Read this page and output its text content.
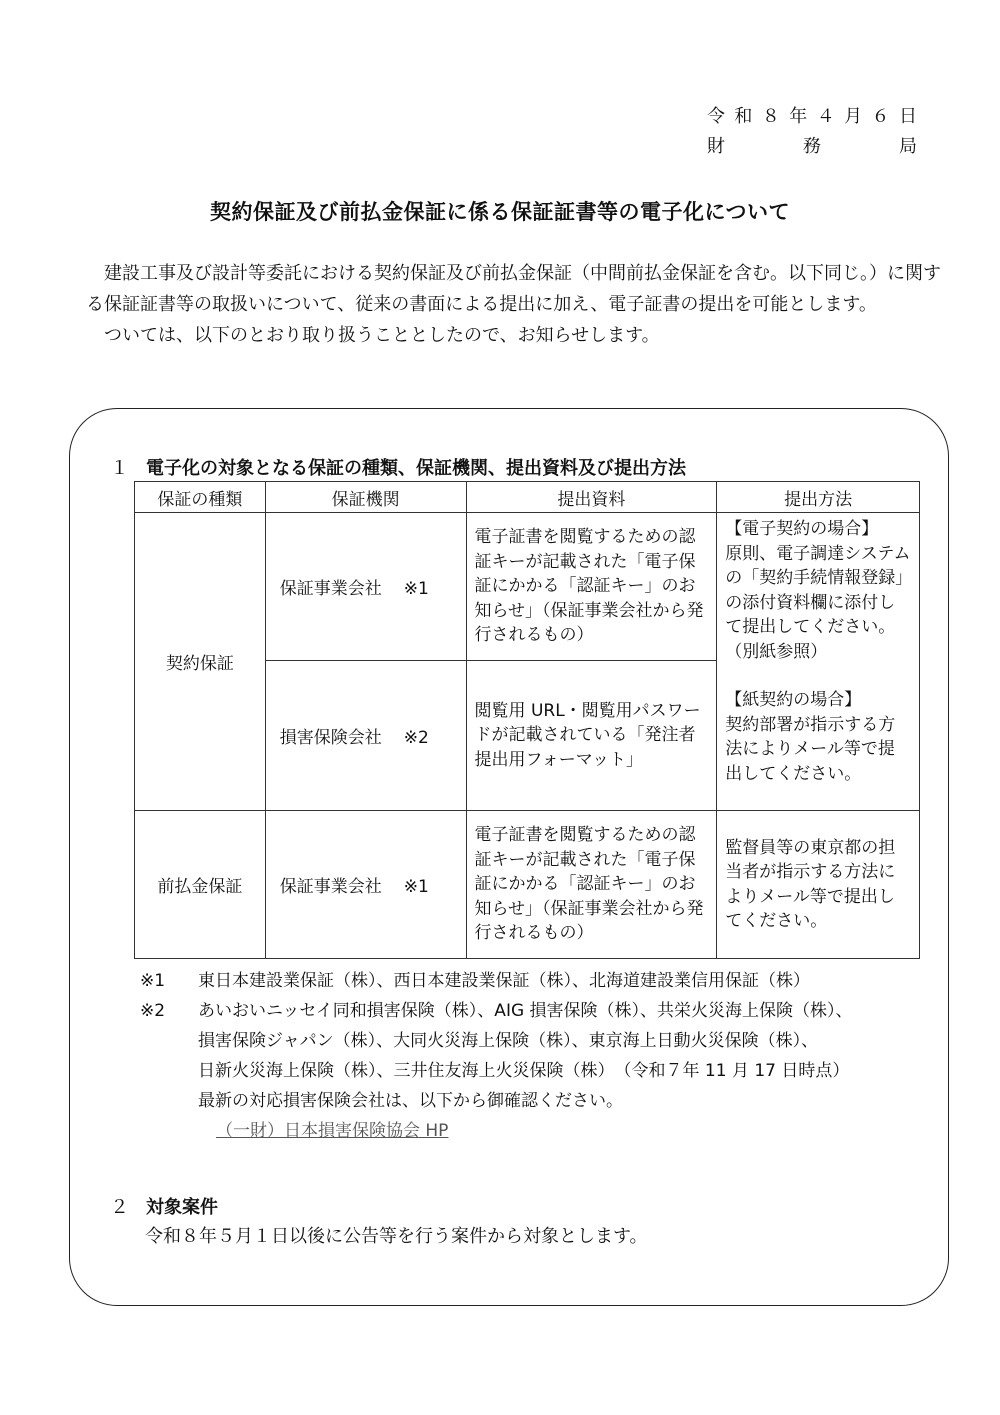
令 和 ８ 年 ４ 月 ６ 日
財	務	局
契約保証及び前払金保証に係る保証証書等の電子化について

建設工事及び設計等委託における契約保証及び前払金保証（中間前払金保証を含む。以下同じ。）に関する保証証書等の取扱いについて、従来の書面による提出に加え、電子証書の提出を可能とします。

ついては、以下のとおり取り扱うこととしたので、お知らせします。

１ 電子化の対象となる保証の種類、保証機関、提出資料及び提出方法
保証の種類	保証機関	提出資料	提出方法
契約保証	保証事業会社 ※1	電子証書を閲覧するための認証キーが記載された「電子保証にかかる「認証キー」のお知らせ」（保証事業会社から発行されるもの）	【電子契約の場合】
原則、電子調達システムの「契約手続情報登録」の添付資料欄に添付して提出してください。（別紙参照）
【紙契約の場合】
契約部署が指示する方法によりメール等で提出してください。

	損害保険会社 ※2	閲覧用 URL・閲覧用パスワードが記載されている「発注者提出用フォーマット」	
前払金保証	保証事業会社 ※1	電子証書を閲覧するための認証キーが記載された「電子保証にかかる「認証キー」のお知らせ」（保証事業会社から発行されるもの）	監督員等の東京都の担当者が指示する方法によりメール等で提出してください。
※1	東日本建設業保証（株）、西日本建設業保証（株）、北海道建設業信用保証（株）
※2	あいおいニッセイ同和損害保険（株）、AIG 損害保険（株）、共栄火災海上保険（株）、
損害保険ジャパン（株）、大同火災海上保険（株）、東京海上日動火災保険（株）、
日新火災海上保険（株）、三井住友海上火災保険（株）　（令和７年 11 月 17 日時点）
最新の対応損害保険会社は、以下から御確認ください。
（一財）日本損害保険協会 HP
２ 対象案件
令和８年５月１日以後に公告等を行う案件から対象とします。
